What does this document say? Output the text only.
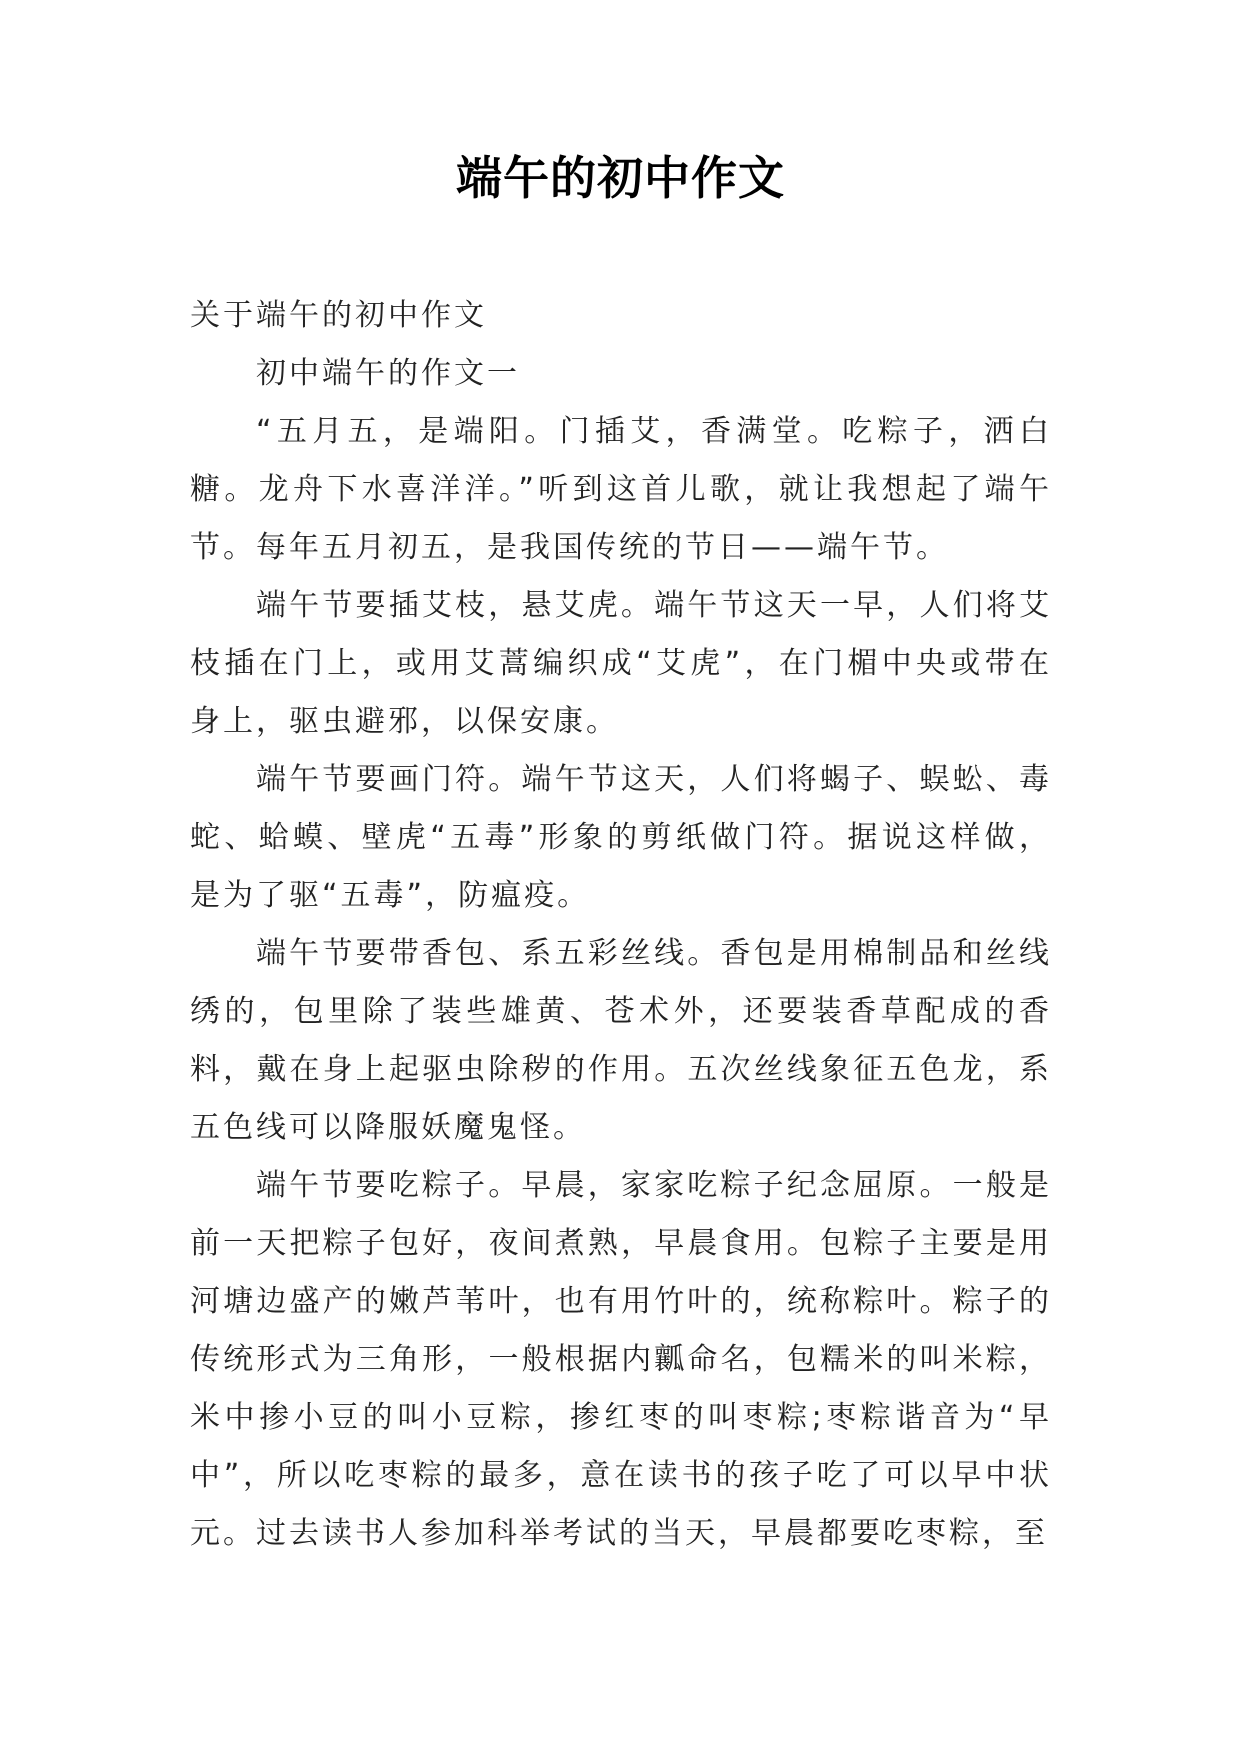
端午的初中作文

关于端午的初中作文

初中端午的作文一

“五月五，是端阳。门插艾，香满堂。吃粽子，洒白糖。龙舟下水喜洋洋。”听到这首儿歌，就让我想起了端午节。每年五月初五，是我国传统的节日——端午节。

端午节要插艾枝，悬艾虎。端午节这天一早，人们将艾枝插在门上，或用艾蒿编织成“艾虎”，在门楣中央或带在身上，驱虫避邪，以保安康。

端午节要画门符。端午节这天，人们将蝎子、蜈蚣、毒蛇、蛤蟆、壁虎“五毒”形象的剪纸做门符。据说这样做，是为了驱“五毒”，防瘟疫。

端午节要带香包、系五彩丝线。香包是用棉制品和丝线绣的，包里除了装些雄黄、苍术外，还要装香草配成的香料，戴在身上起驱虫除秽的作用。五次丝线象征五色龙，系五色线可以降服妖魔鬼怪。

端午节要吃粽子。早晨，家家吃粽子纪念屈原。一般是前一天把粽子包好，夜间煮熟，早晨食用。包粽子主要是用河塘边盛产的嫩芦苇叶，也有用竹叶的，统称粽叶。粽子的传统形式为三角形，一般根据内瓤命名，包糯米的叫米粽，米中掺小豆的叫小豆粽，掺红枣的叫枣粽;枣粽谐音为“早中”，所以吃枣粽的最多，意在读书的孩子吃了可以早中状元。过去读书人参加科举考试的当天，早晨都要吃枣粽，至
